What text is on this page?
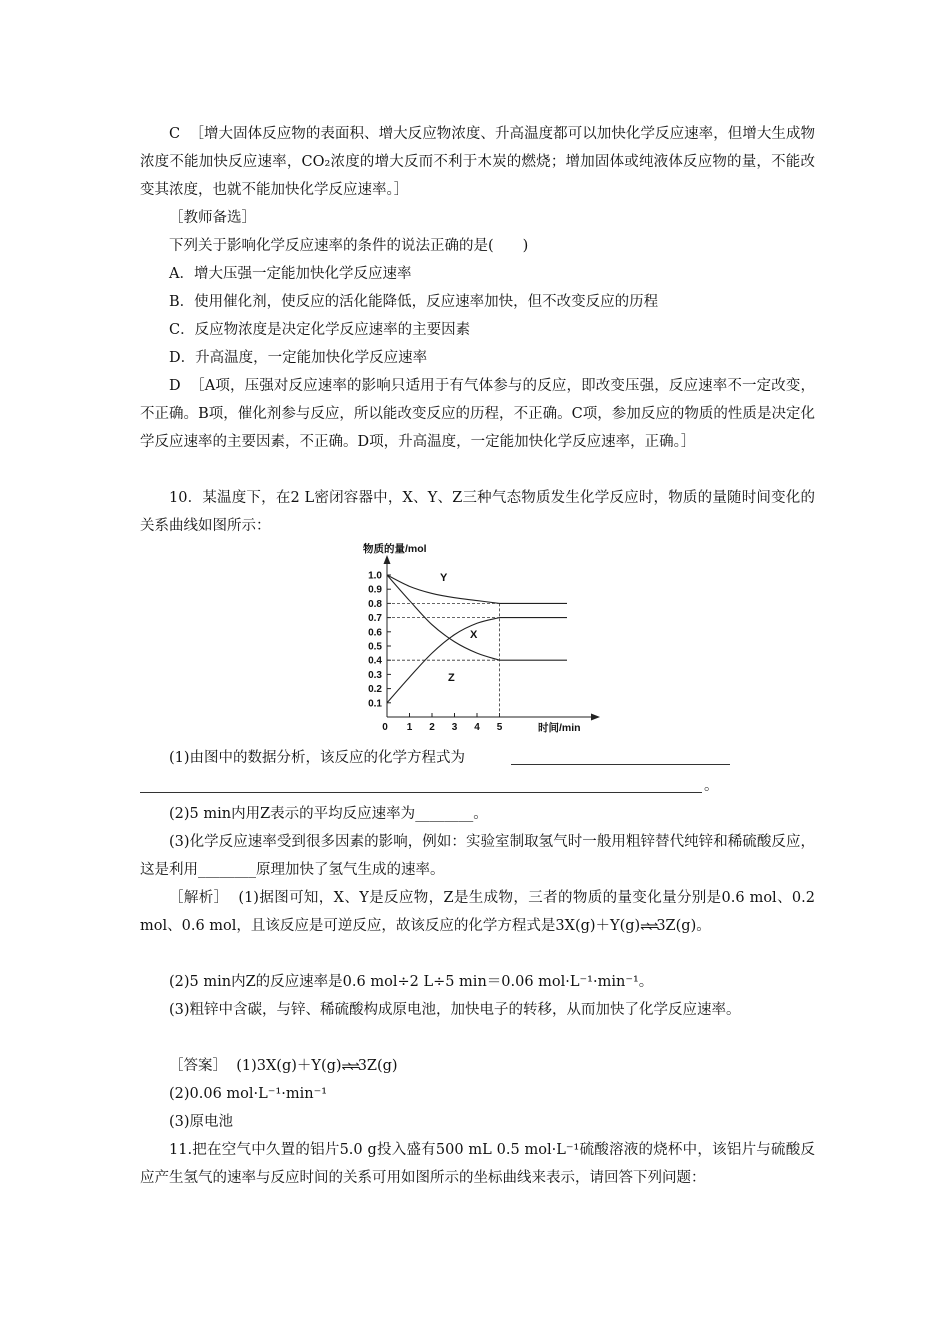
C ［增大固体反应物的表面积、增大反应物浓度、升高温度都可以加快化学反应速率，但增大生成物浓度不能加快反应速率，CO₂浓度的增大反而不利于木炭的燃烧；增加固体或纯液体反应物的量，不能改变其浓度，也就不能加快化学反应速率。］

［教师备选］

下列关于影响化学反应速率的条件的说法正确的是(　　)

A．增大压强一定能加快化学反应速率

B．使用催化剂，使反应的活化能降低，反应速率加快，但不改变反应的历程

C．反应物浓度是决定化学反应速率的主要因素

D．升高温度，一定能加快化学反应速率

D ［A项，压强对反应速率的影响只适用于有气体参与的反应，即改变压强，反应速率不一定改变，不正确。B项，催化剂参与反应，所以能改变反应的历程，不正确。C项，参加反应的物质的性质是决定化学反应速率的主要因素，不正确。D项，升高温度，一定能加快化学反应速率，正确。］

10．某温度下，在2 L密闭容器中，X、Y、Z三种气态物质发生化学反应时，物质的量随时间变化的关系曲线如图所示：

物质的量/mol
时间/min
0.1
0.2
0.3
0.4
0.5
0.6
0.7
0.8
0.9
1.0
0 1 2 3 4 5
Y
X
Z

(1)由图中的数据分析，该反应的化学方程式为

。

(2)5 min内用Z表示的平均反应速率为________。

(3)化学反应速率受到很多因素的影响，例如：实验室制取氢气时一般用粗锌替代纯锌和稀硫酸反应，这是利用________原理加快了氢气生成的速率。

［解析］ (1)据图可知，X、Y是反应物，Z是生成物，三者的物质的量变化量分别是0.6 mol、0.2 mol、0.6 mol，且该反应是可逆反应，故该反应的化学方程式是3X(g)＋Y(g)⇌⇌3Z(g)。

(2)5 min内Z的反应速率是0.6 mol÷2 L÷5 min＝0.06 mol·L⁻¹·min⁻¹。

(3)粗锌中含碳，与锌、稀硫酸构成原电池，加快电子的转移，从而加快了化学反应速率。

［答案］ (1)3X(g)＋Y(g)⇌⇌3Z(g)

(2)0.06 mol·L⁻¹·min⁻¹

(3)原电池

11.把在空气中久置的铝片5.0 g投入盛有500 mL 0.5 mol·L⁻¹硫酸溶液的烧杯中，该铝片与硫酸反应产生氢气的速率与反应时间的关系可用如图所示的坐标曲线来表示，请回答下列问题：
